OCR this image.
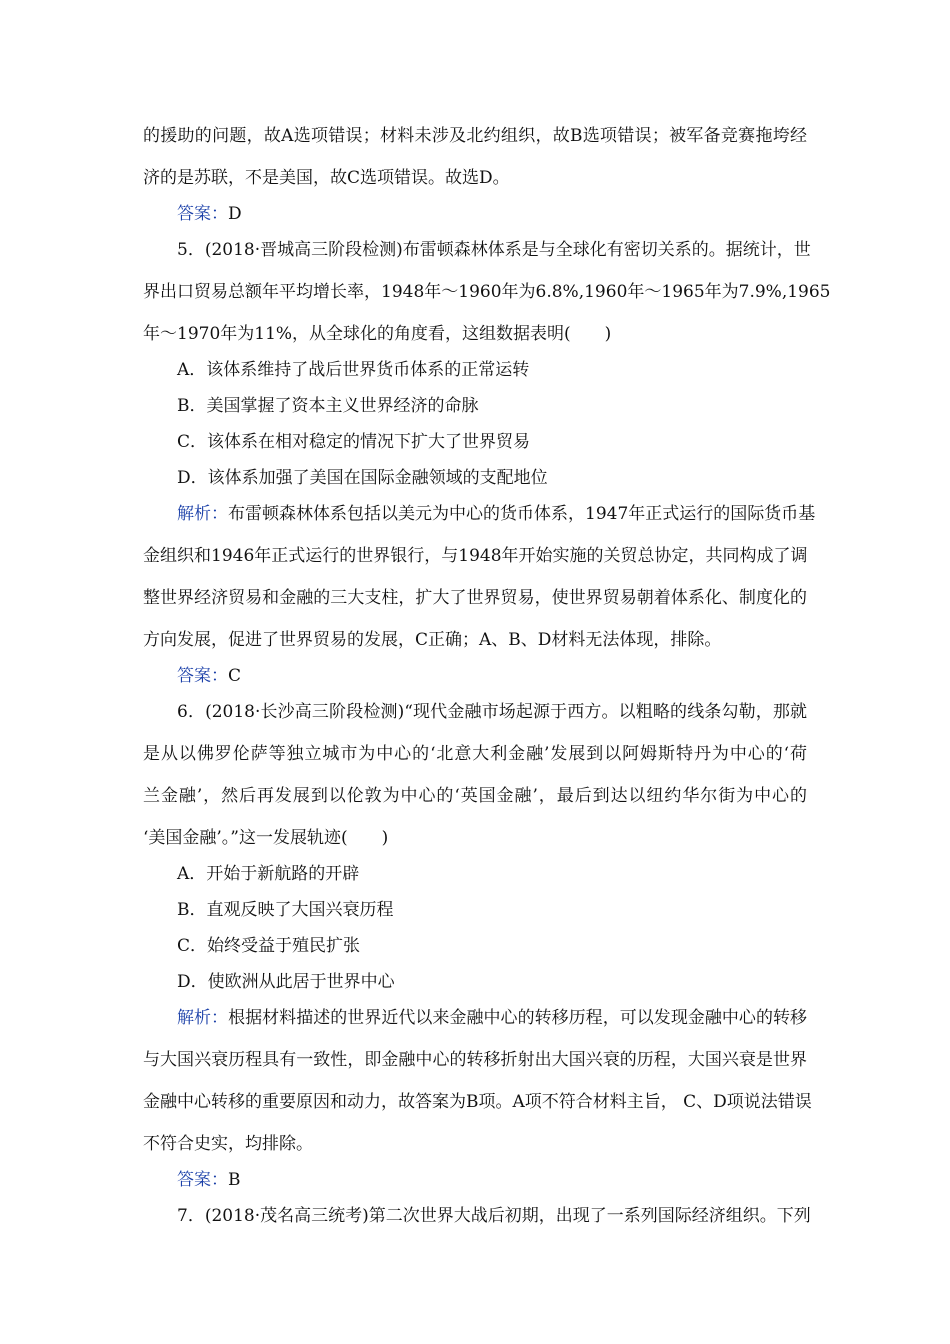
的援助的问题，故A选项错误；材料未涉及北约组织，故B选项错误；被军备竞赛拖垮经
济的是苏联，不是美国，故C选项错误。故选D。
答案：D
5．(2018·晋城高三阶段检测)布雷顿森林体系是与全球化有密切关系的。据统计，世
界出口贸易总额年平均增长率，1948年～1960年为6.8%,1960年～1965年为7.9%,1965
年～1970年为11%，从全球化的角度看，这组数据表明(　　)
A．该体系维持了战后世界货币体系的正常运转
B．美国掌握了资本主义世界经济的命脉
C．该体系在相对稳定的情况下扩大了世界贸易
D．该体系加强了美国在国际金融领域的支配地位
解析：布雷顿森林体系包括以美元为中心的货币体系，1947年正式运行的国际货币基
金组织和1946年正式运行的世界银行，与1948年开始实施的关贸总协定，共同构成了调
整世界经济贸易和金融的三大支柱，扩大了世界贸易，使世界贸易朝着体系化、制度化的
方向发展，促进了世界贸易的发展，C正确；A、B、D材料无法体现，排除。
答案：C
6．(2018·长沙高三阶段检测)“现代金融市场起源于西方。以粗略的线条勾勒，那就
是从以佛罗伦萨等独立城市为中心的‘北意大利金融’发展到以阿姆斯特丹为中心的‘荷
兰金融’，然后再发展到以伦敦为中心的‘英国金融’，最后到达以纽约华尔街为中心的
‘美国金融’。”这一发展轨迹(　　)
A．开始于新航路的开辟
B．直观反映了大国兴衰历程
C．始终受益于殖民扩张
D．使欧洲从此居于世界中心
解析：根据材料描述的世界近代以来金融中心的转移历程，可以发现金融中心的转移
与大国兴衰历程具有一致性，即金融中心的转移折射出大国兴衰的历程，大国兴衰是世界
金融中心转移的重要原因和动力，故答案为B项。A项不符合材料主旨， C、D项说法错误
不符合史实，均排除。
答案：B
7．(2018·茂名高三统考)第二次世界大战后初期，出现了一系列国际经济组织。下列
